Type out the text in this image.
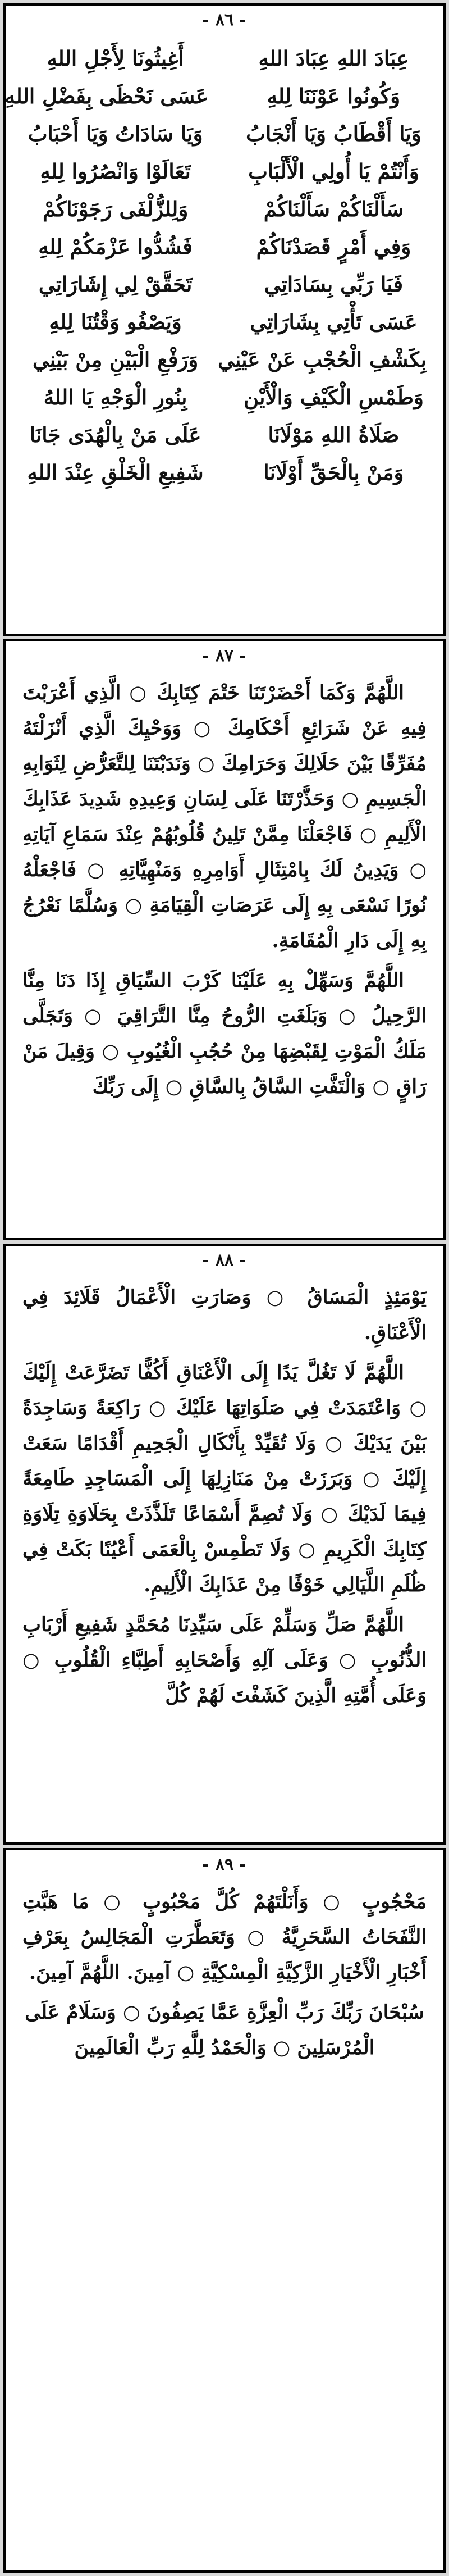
- ٨٦ -
عِبَادَ اللهِ عِبَادَ اللهِ
أَغِيثُونَا لِأَجْلِ اللهِ
وَكُونُوا عَوْنَنَا لِلهِ
عَسَى نَحْظَى بِفَضْلِ اللهِ
وَيَا أَقْطَابُ وَيَا أَنْجَابُ
وَيَا سَادَاتُ وَيَا أَحْبَابُ
وَأَنْتُمْ يَا أُولِي الْأَلْبَابِ
تَعَالَوْا وَانْصُرُوا لِلهِ
سَأَلْنَاكُمْ سَأَلْنَاكُمْ
وَلِلزُّلْفَى رَجَوْنَاكُمْ
وَفِي أَمْرٍ قَصَدْنَاكُمْ
فَشُدُّوا عَزْمَكُمْ لِلهِ
فَيَا رَبِّي بِسَادَاتِي
تَحَقَّقْ لِي إِشَارَاتِي
عَسَى تَأْتِي بِشَارَاتِي
وَيَصْفُو وَقْتُنَا لِلهِ
بِكَشْفِ الْحُجْبِ عَنْ عَيْنِي
وَرَفْعِ الْبَيْنِ مِنْ بَيْنِي
وَطَمْسِ الْكَيْفِ وَالْأَيْنِ
بِنُورِ الْوَجْهِ يَا اللهُ
صَلَاةُ اللهِ مَوْلَانَا
عَلَى مَنْ بِالْهُدَى جَانَا
وَمَنْ بِالْحَقِّ أَوْلَانَا
شَفِيعِ الْخَلْقِ عِنْدَ اللهِ
- ٨٧ -

اللَّهُمَّ وَكَمَا أَحْضَرْتَنَا خَتْمَ كِتَابِكَ ○ الَّذِي أَعْرَبْتَ فِيهِ عَنْ شَرَائِعِ أَحْكَامِكَ ○ وَوَحْيِكَ الَّذِي أَنْزَلْتَهُ مُفَرِّقًا بَيْنَ حَلَالِكَ وَحَرَامِكَ ○ وَنَدَبْتَنَا لِلتَّعَرُّضِ لِثَوَابِهِ الْجَسِيمِ ○ وَحَذَّرْتَنَا عَلَى لِسَانِ وَعِيدِهِ شَدِيدَ عَذَابِكَ الْأَلِيمِ ○ فَاجْعَلْنَا مِمَّنْ تَلِينُ قُلُوبُهُمْ عِنْدَ سَمَاعِ آيَاتِهِ ○ وَيَدِينُ لَكَ بِامْتِثَالِ أَوَامِرِهِ وَمَنْهِيَّاتِهِ ○ فَاجْعَلْهُ نُورًا نَسْعَى بِهِ إِلَى عَرَصَاتِ الْقِيَامَةِ ○ وَسُلَّمًا نَعْرُجُ بِهِ إِلَى دَارِ الْمُقَامَةِ.

اللَّهُمَّ وَسَهِّلْ بِهِ عَلَيْنَا كَرْبَ السِّيَاقِ إِذَا دَنَا مِنَّا الرَّحِيلُ ○ وَبَلَغَتِ الرُّوحُ مِنَّا التَّرَاقِيَ ○ وَتَجَلَّى مَلَكُ الْمَوْتِ لِقَبْضِهَا مِنْ حُجُبِ الْغُيُوبِ ○ وَقِيلَ مَنْ رَاقٍ ○ وَالْتَفَّتِ السَّاقُ بِالسَّاقِ ○ إِلَى رَبِّكَ

- ٨٨ -

يَوْمَئِذٍ الْمَسَاقُ ○ وَصَارَتِ الْأَعْمَالُ قَلَائِدَ فِي الْأَعْنَاقِ.

اللَّهُمَّ لَا تَغُلَّ يَدًا إِلَى الْأَعْنَاقِ أَكُفًّا تَضَرَّعَتْ إِلَيْكَ ○ وَاعْتَمَدَتْ فِي صَلَوَاتِهَا عَلَيْكَ ○ رَاكِعَةً وَسَاجِدَةً بَيْنَ يَدَيْكَ ○ وَلَا تُقَيِّدْ بِأَنْكَالِ الْجَحِيمِ أَقْدَامًا سَعَتْ إِلَيْكَ ○ وَبَرَزَتْ مِنْ مَنَازِلِهَا إِلَى الْمَسَاجِدِ طَامِعَةً فِيمَا لَدَيْكَ ○ وَلَا تُصِمَّ أَسْمَاعًا تَلَذَّذَتْ بِحَلَاوَةِ تِلَاوَةِ كِتَابِكَ الْكَرِيمِ ○ وَلَا تَطْمِسْ بِالْعَمَى أَعْيُنًا بَكَتْ فِي ظُلَمِ اللَّيَالِي خَوْفًا مِنْ عَذَابِكَ الْأَلِيمِ.

اللَّهُمَّ صَلِّ وَسَلِّمْ عَلَى سَيِّدِنَا مُحَمَّدٍ شَفِيعِ أَرْبَابِ الذُّنُوبِ ○ وَعَلَى آلِهِ وَأَصْحَابِهِ أَطِبَّاءِ الْقُلُوبِ ○ وَعَلَى أُمَّتِهِ الَّذِينَ كَشَفْتَ لَهُمْ كُلَّ

- ٨٩ -

مَحْجُوبٍ ○ وَأَنَلْتَهُمْ كُلَّ مَحْبُوبٍ ○ مَا هَبَّتِ النَّفَحَاتُ السَّحَرِيَّةُ ○ وَتَعَطَّرَتِ الْمَجَالِسُ بِعَرْفِ أَخْبَارِ الْأَخْيَارِ الزَّكِيَّةِ الْمِسْكِيَّةِ ○ آمِينَ. اللَّهُمَّ آمِينَ.

سُبْحَانَ رَبِّكَ رَبِّ الْعِزَّةِ عَمَّا يَصِفُونَ ○ وَسَلَامٌ عَلَى الْمُرْسَلِينَ ○ وَالْحَمْدُ لِلَّهِ رَبِّ الْعَالَمِينَ
